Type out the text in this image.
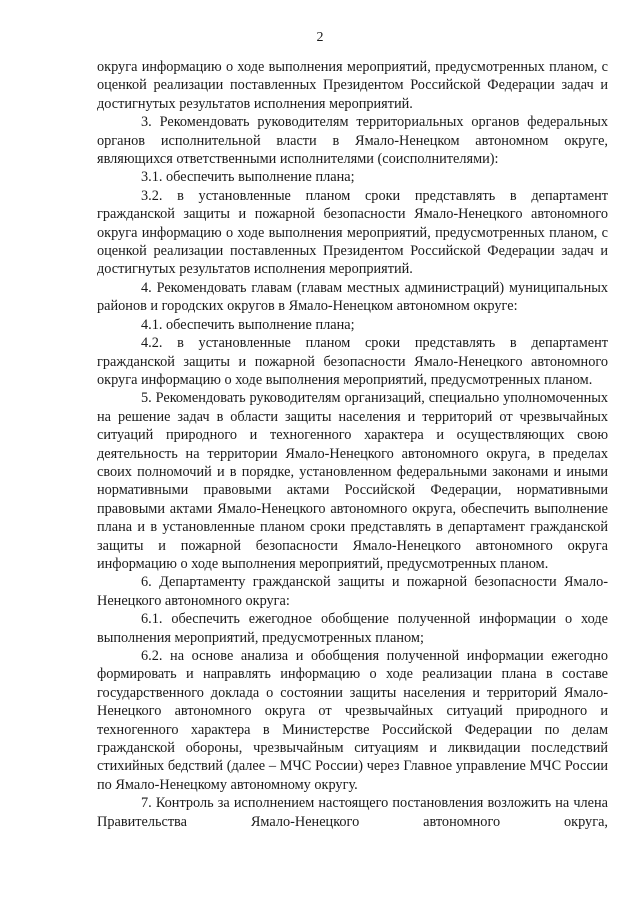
2

округа информацию о ходе выполнения мероприятий, предусмотренных планом, с оценкой реализации поставленных Президентом Российской Федерации задач и достигнутых результатов исполнения мероприятий.

3. Рекомендовать руководителям территориальных органов федеральных органов исполнительной власти в Ямало-Ненецком автономном округе, являющихся ответственными исполнителями (соисполнителями):

3.1. обеспечить выполнение плана;

3.2. в установленные планом сроки представлять в департамент гражданской защиты и пожарной безопасности Ямало-Ненецкого автономного округа информацию о ходе выполнения мероприятий, предусмотренных планом, с оценкой реализации поставленных Президентом Российской Федерации задач и достигнутых результатов исполнения мероприятий.

4. Рекомендовать главам (главам местных администраций) муниципальных районов и городских округов в Ямало-Ненецком автономном округе:

4.1. обеспечить выполнение плана;

4.2. в установленные планом сроки представлять в департамент гражданской защиты и пожарной безопасности Ямало-Ненецкого автономного округа информацию о ходе выполнения мероприятий, предусмотренных планом.

5. Рекомендовать руководителям организаций, специально уполномоченных на решение задач в области защиты населения и территорий от чрезвычайных ситуаций природного и техногенного характера и осуществляющих свою деятельность на территории Ямало-Ненецкого автономного округа, в пределах своих полномочий и в порядке, установленном федеральными законами и иными нормативными правовыми актами Российской Федерации, нормативными правовыми актами Ямало-Ненецкого автономного округа, обеспечить выполнение плана и в установленные планом сроки представлять в департамент гражданской защиты и пожарной безопасности Ямало-Ненецкого автономного округа информацию о ходе выполнения мероприятий, предусмотренных планом.

6. Департаменту гражданской защиты и пожарной безопасности Ямало-Ненецкого автономного округа:

6.1. обеспечить ежегодное обобщение полученной информации о ходе выполнения мероприятий, предусмотренных планом;

6.2. на основе анализа и обобщения полученной информации ежегодно формировать и направлять информацию о ходе реализации плана в составе государственного доклада о состоянии защиты населения и территорий Ямало-Ненецкого автономного округа от чрезвычайных ситуаций природного и техногенного характера в Министерстве Российской Федерации по делам гражданской обороны, чрезвычайным ситуациям и ликвидации последствий стихийных бедствий (далее – МЧС России) через Главное управление МЧС России по Ямало-Ненецкому автономному округу.

7. Контроль за исполнением настоящего постановления возложить на члена Правительства Ямало-Ненецкого автономного округа,
